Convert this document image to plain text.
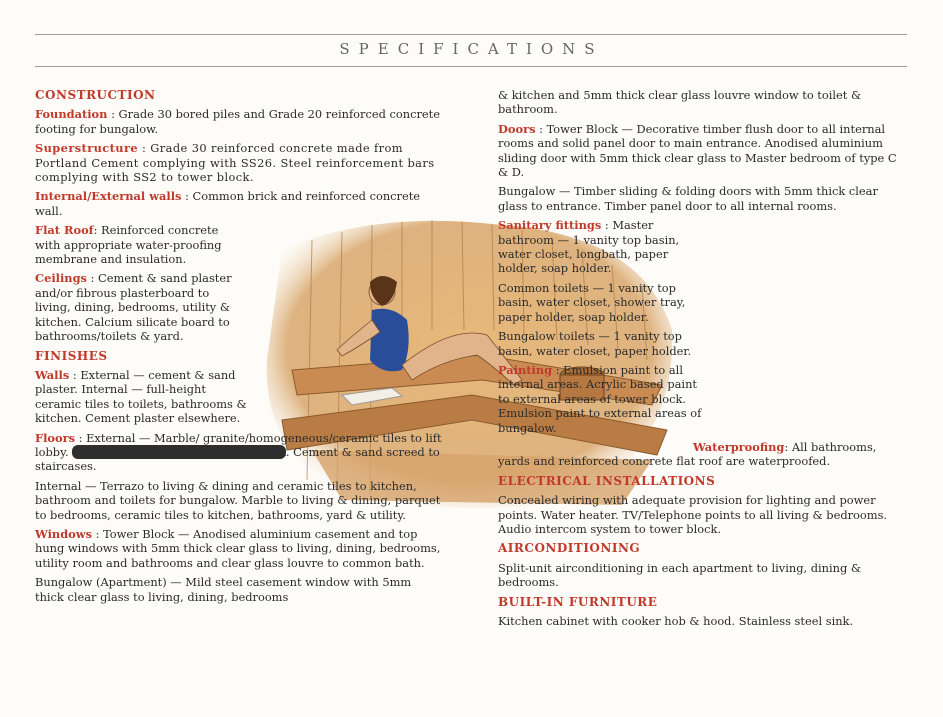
SPECIFICATIONS

CONSTRUCTION

Foundation : Grade 30 bored piles and Grade 20 reinforced concrete footing for bungalow.

Superstructure : Grade 30 reinforced concrete made from Portland Cement complying with SS26. Steel reinforcement bars complying with SS2 to tower block.

Internal/External walls : Common brick and reinforced concrete wall.

Flat Roof: Reinforced concrete with appropriate water-proofing membrane and insulation.

Ceilings : Cement & sand plaster and/or fibrous plasterboard to living, dining, bedrooms, utility & kitchen. Calcium silicate board to bathrooms/toilets & yard.

FINISHES

Walls : External — cement & sand plaster. Internal — full-height ceramic tiles to toilets, bathrooms & kitchen. Cement plaster elsewhere.

Floors : External — Marble/ granite/homogeneous/ceramic tiles to lift lobby. Ceramic tiles to swimming pool deck. Cement & sand screed to staircases.

Internal — Terrazo to living & dining and ceramic tiles to kitchen, bathroom and toilets for bungalow. Marble to living & dining, parquet to bedrooms, ceramic tiles to kitchen, bathrooms, yard & utility.

Windows : Tower Block — Anodised aluminium casement and top hung windows with 5mm thick clear glass to living, dining, bedrooms, utility room and bathrooms and clear glass louvre to common bath.

Bungalow (Apartment) — Mild steel casement window with 5mm thick clear glass to living, dining, bedrooms

& kitchen and 5mm thick clear glass louvre window to toilet & bathroom.

Doors : Tower Block — Decorative timber flush door to all internal rooms and solid panel door to main entrance. Anodised aluminium sliding door with 5mm thick clear glass to Master bedroom of type C & D.

Bungalow — Timber sliding & folding doors with 5mm thick clear glass to entrance. Timber panel door to all internal rooms.

Sanitary fittings : Master bathroom — 1 vanity top basin, water closet, longbath, paper holder, soap holder.

Common toilets — 1 vanity top basin, water closet, shower tray, paper holder, soap holder.

Bungalow toilets — 1 vanity top basin, water closet, paper holder.

Painting : Emulsion paint to all internal areas. Acrylic based paint to external areas of tower block. Emulsion paint to external areas of bungalow.

Waterproofing: All bathrooms, yards and reinforced concrete flat roof are waterproofed.

ELECTRICAL INSTALLATIONS

Concealed wiring with adequate provision for lighting and power points. Water heater. TV/Telephone points to all living & bedrooms. Audio intercom system to tower block.

AIRCONDITIONING

Split-unit airconditioning in each apartment to living, dining & bedrooms.

BUILT-IN FURNITURE

Kitchen cabinet with cooker hob & hood. Stainless steel sink.
